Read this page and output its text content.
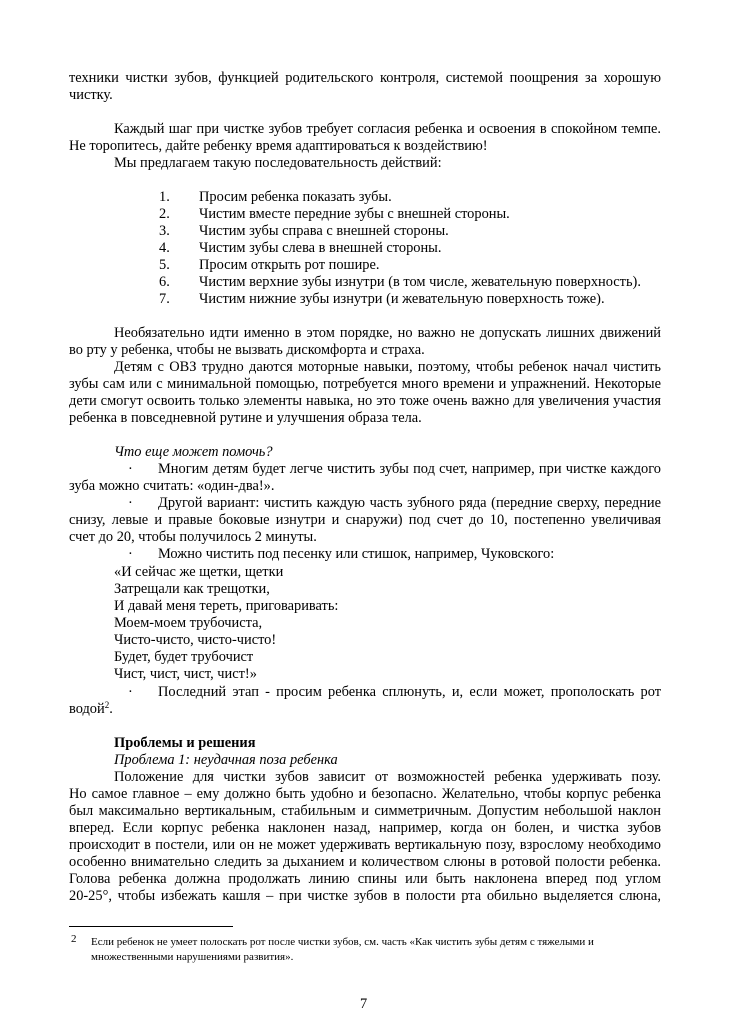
техники чистки зубов, функцией родительского контроля, системой поощрения за хорошую
чистку.
Каждый шаг при чистке зубов требует согласия ребенка и освоения в спокойном темпе.
Не торопитесь, дайте ребенку время адаптироваться к воздействию!
Мы предлагаем такую последовательность действий:
1.	Просим ребенка показать зубы.
2.	Чистим вместе передние зубы с внешней стороны.
3.	Чистим зубы справа с внешней стороны.
4.	Чистим зубы слева в внешней стороны.
5.	Просим открыть рот пошире.
6.	Чистим верхние зубы изнутри (в том числе, жевательную поверхность).
7.	Чистим нижние зубы изнутри (и жевательную поверхность тоже).
Необязательно идти именно в этом порядке, но важно не допускать лишних движений
во рту у ребенка, чтобы не вызвать дискомфорта и страха.
Детям с ОВЗ трудно даются моторные навыки, поэтому, чтобы ребенок начал чистить
зубы сам или с минимальной помощью, потребуется много времени и упражнений. Некоторые
дети смогут освоить только элементы навыка, но это тоже очень важно для увеличения участия
ребенка в повседневной рутине и улучшения образа тела.
Что еще может помочь?
· Многим детям будет легче чистить зубы под счет, например, при чистке каждого
зуба можно считать: «один-два!».
· Другой вариант: чистить каждую часть зубного ряда (передние сверху, передние
снизу, левые и правые боковые изнутри и снаружи) под счет до 10, постепенно увеличивая
счет до 20, чтобы получилось 2 минуты.
· Можно чистить под песенку или стишок, например, Чуковского:
«И сейчас же щетки, щетки
Затрещали как трещотки,
И давай меня тереть, приговаривать:
Моем-моем трубочиста,
Чисто-чисто, чисто-чисто!
Будет, будет трубочист
Чист, чист, чист, чист!»
· Последний этап - просим ребенка сплюнуть, и, если может, прополоскать рот
водой$^2$.
Проблемы и решения
Проблема 1: неудачная поза ребенка
Положение для чистки зубов зависит от возможностей ребенка удерживать позу.
Но самое главное – ему должно быть удобно и безопасно. Желательно, чтобы корпус ребенка
был максимально вертикальным, стабильным и симметричным. Допустим небольшой наклон
вперед. Если корпус ребенка наклонен назад, например, когда он болен, и чистка зубов
происходит в постели, или он не может удерживать вертикальную позу, взрослому необходимо
особенно внимательно следить за дыханием и количеством слюны в ротовой полости ребенка.
Голова ребенка должна продолжать линию спины или быть наклонена вперед под углом
20-25°, чтобы избежать кашля – при чистке зубов в полости рта обильно выделяется слюна,
2 Если ребенок не умеет полоскать рот после чистки зубов, см. часть «Как чистить зубы детям с тяжелыми и
множественными нарушениями развития».
7
